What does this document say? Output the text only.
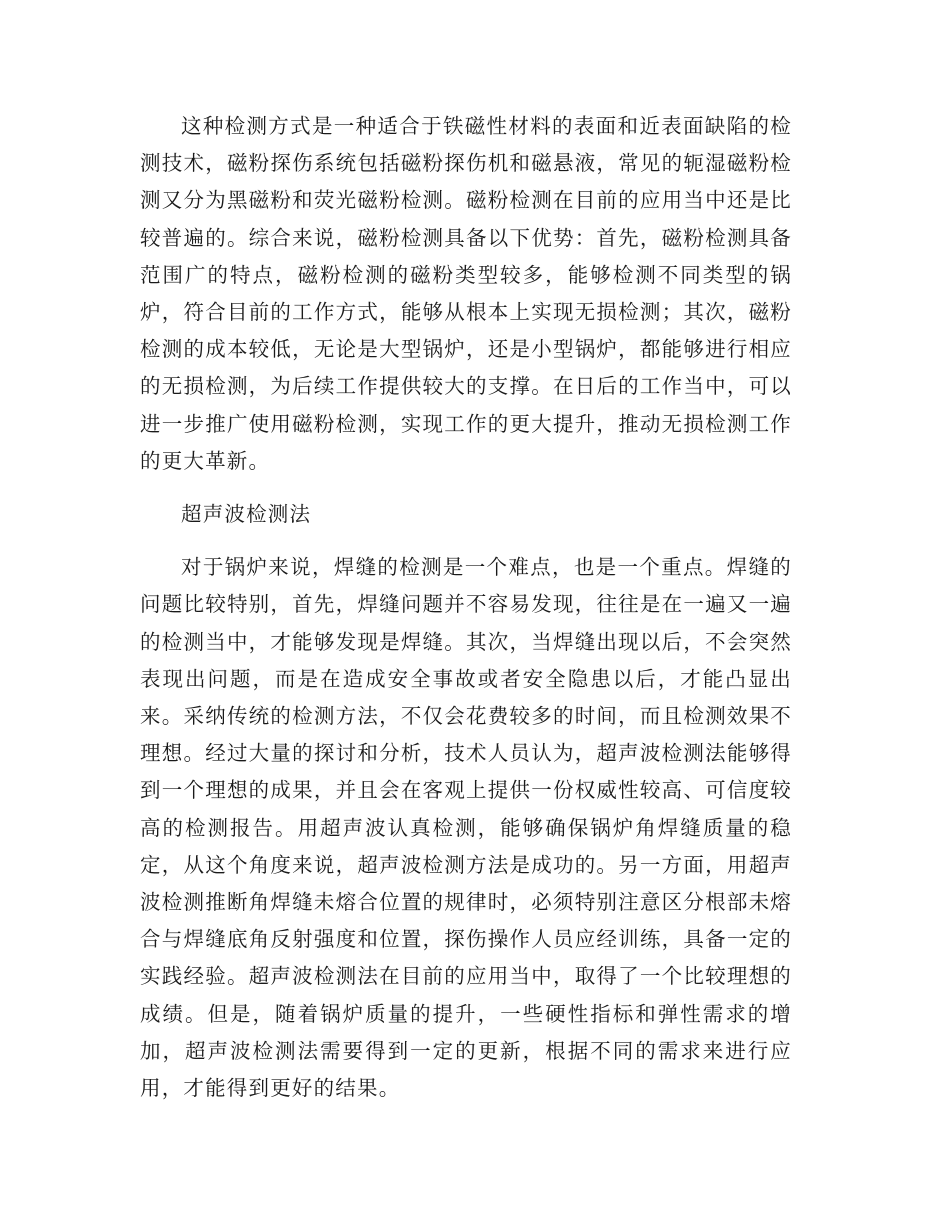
这种检测方式是一种适合于铁磁性材料的表面和近表面缺陷的检测技术，磁粉探伤系统包括磁粉探伤机和磁悬液，常见的轭湿磁粉检测又分为黑磁粉和荧光磁粉检测。磁粉检测在目前的应用当中还是比较普遍的。综合来说，磁粉检测具备以下优势：首先，磁粉检测具备范围广的特点，磁粉检测的磁粉类型较多，能够检测不同类型的锅炉，符合目前的工作方式，能够从根本上实现无损检测；其次，磁粉检测的成本较低，无论是大型锅炉，还是小型锅炉，都能够进行相应的无损检测，为后续工作提供较大的支撑。在日后的工作当中，可以进一步推广使用磁粉检测，实现工作的更大提升，推动无损检测工作的更大革新。

超声波检测法

对于锅炉来说，焊缝的检测是一个难点，也是一个重点。焊缝的问题比较特别，首先，焊缝问题并不容易发现，往往是在一遍又一遍的检测当中，才能够发现是焊缝。其次，当焊缝出现以后，不会突然表现出问题，而是在造成安全事故或者安全隐患以后，才能凸显出来。采纳传统的检测方法，不仅会花费较多的时间，而且检测效果不理想。经过大量的探讨和分析，技术人员认为，超声波检测法能够得到一个理想的成果，并且会在客观上提供一份权威性较高、可信度较高的检测报告。用超声波认真检测，能够确保锅炉角焊缝质量的稳定，从这个角度来说，超声波检测方法是成功的。另一方面，用超声波检测推断角焊缝未熔合位置的规律时，必须特别注意区分根部未熔合与焊缝底角反射强度和位置，探伤操作人员应经训练，具备一定的实践经验。超声波检测法在目前的应用当中，取得了一个比较理想的成绩。但是，随着锅炉质量的提升，一些硬性指标和弹性需求的增加，超声波检测法需要得到一定的更新，根据不同的需求来进行应用，才能得到更好的结果。
